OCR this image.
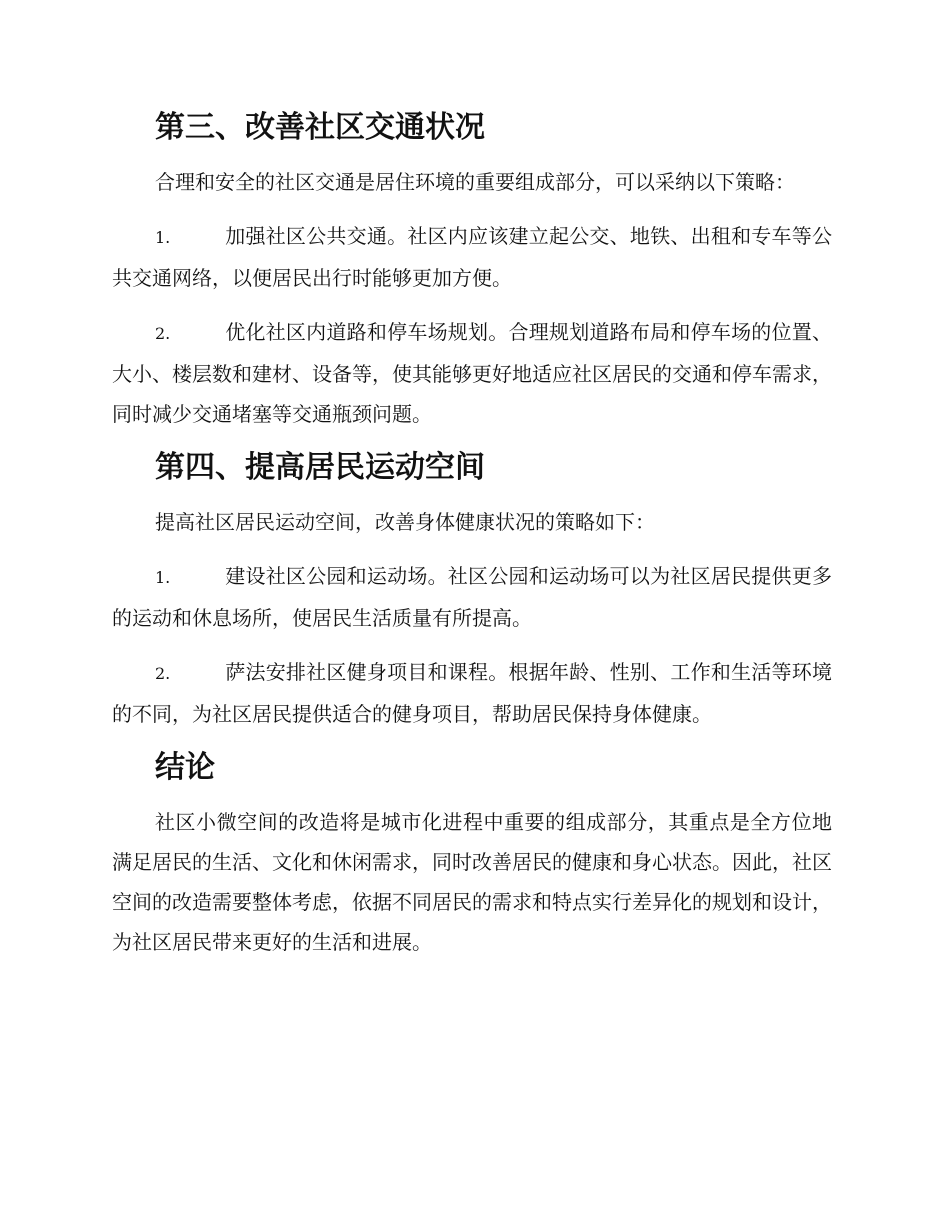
第三、改善社区交通状况

合理和安全的社区交通是居住环境的重要组成部分，可以采纳以下策略：

1.	加强社区公共交通。社区内应该建立起公交、地铁、出租和专车等公共交通网络，以便居民出行时能够更加方便。

2.	优化社区内道路和停车场规划。合理规划道路布局和停车场的位置、大小、楼层数和建材、设备等，使其能够更好地适应社区居民的交通和停车需求，同时减少交通堵塞等交通瓶颈问题。

第四、提高居民运动空间

提高社区居民运动空间，改善身体健康状况的策略如下：

1.	建设社区公园和运动场。社区公园和运动场可以为社区居民提供更多的运动和休息场所，使居民生活质量有所提高。

2.	萨法安排社区健身项目和课程。根据年龄、性别、工作和生活等环境的不同，为社区居民提供适合的健身项目，帮助居民保持身体健康。

结论

社区小微空间的改造将是城市化进程中重要的组成部分，其重点是全方位地满足居民的生活、文化和休闲需求，同时改善居民的健康和身心状态。因此，社区空间的改造需要整体考虑，依据不同居民的需求和特点实行差异化的规划和设计，为社区居民带来更好的生活和进展。
